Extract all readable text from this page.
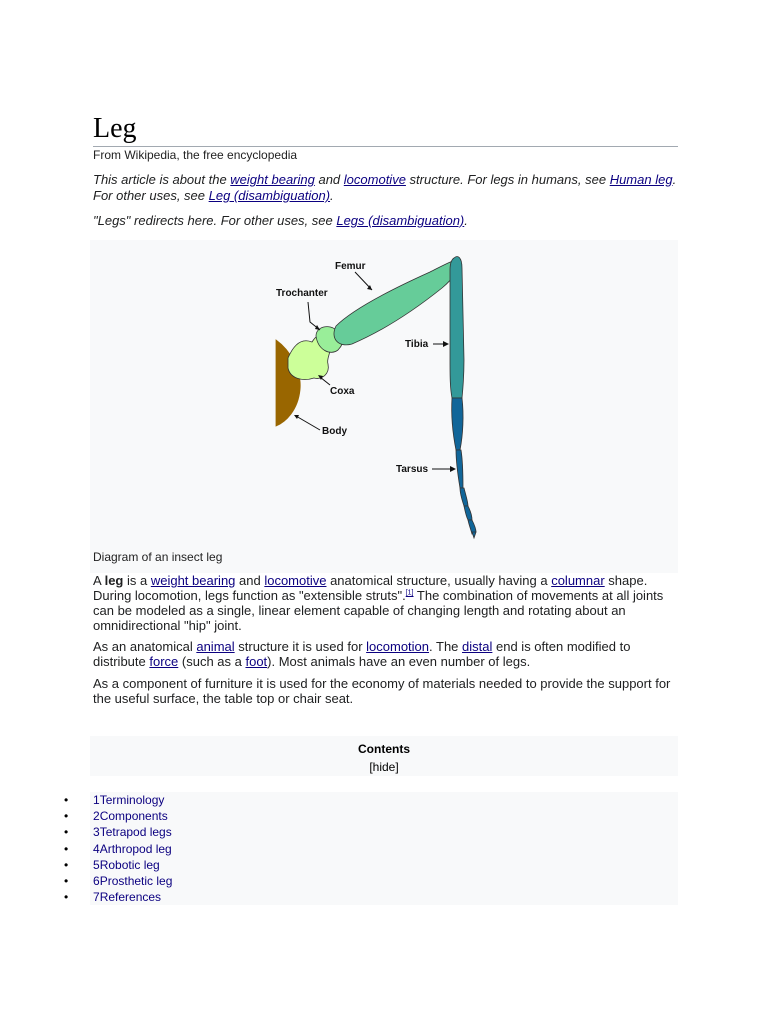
Leg
From Wikipedia, the free encyclopedia
This article is about the weight bearing and locomotive structure. For legs in humans, see Human leg. For other uses, see Leg (disambiguation).
"Legs" redirects here. For other uses, see Legs (disambiguation).
Femur
Trochanter
Tibia
Coxa
Body
Tarsus
Diagram of an insect leg
A leg is a weight bearing and locomotive anatomical structure, usually having a columnar shape. During locomotion, legs function as "extensible struts".[1] The combination of movements at all joints can be modeled as a single, linear element capable of changing length and rotating about an omnidirectional "hip" joint.
As an anatomical animal structure it is used for locomotion. The distal end is often modified to distribute force (such as a foot). Most animals have an even number of legs.
As a component of furniture it is used for the economy of materials needed to provide the support for the useful surface, the table top or chair seat.
Contents
[hide]
• 1Terminology
• 2Components
• 3Tetrapod legs
• 4Arthropod leg
• 5Robotic leg
• 6Prosthetic leg
• 7References
